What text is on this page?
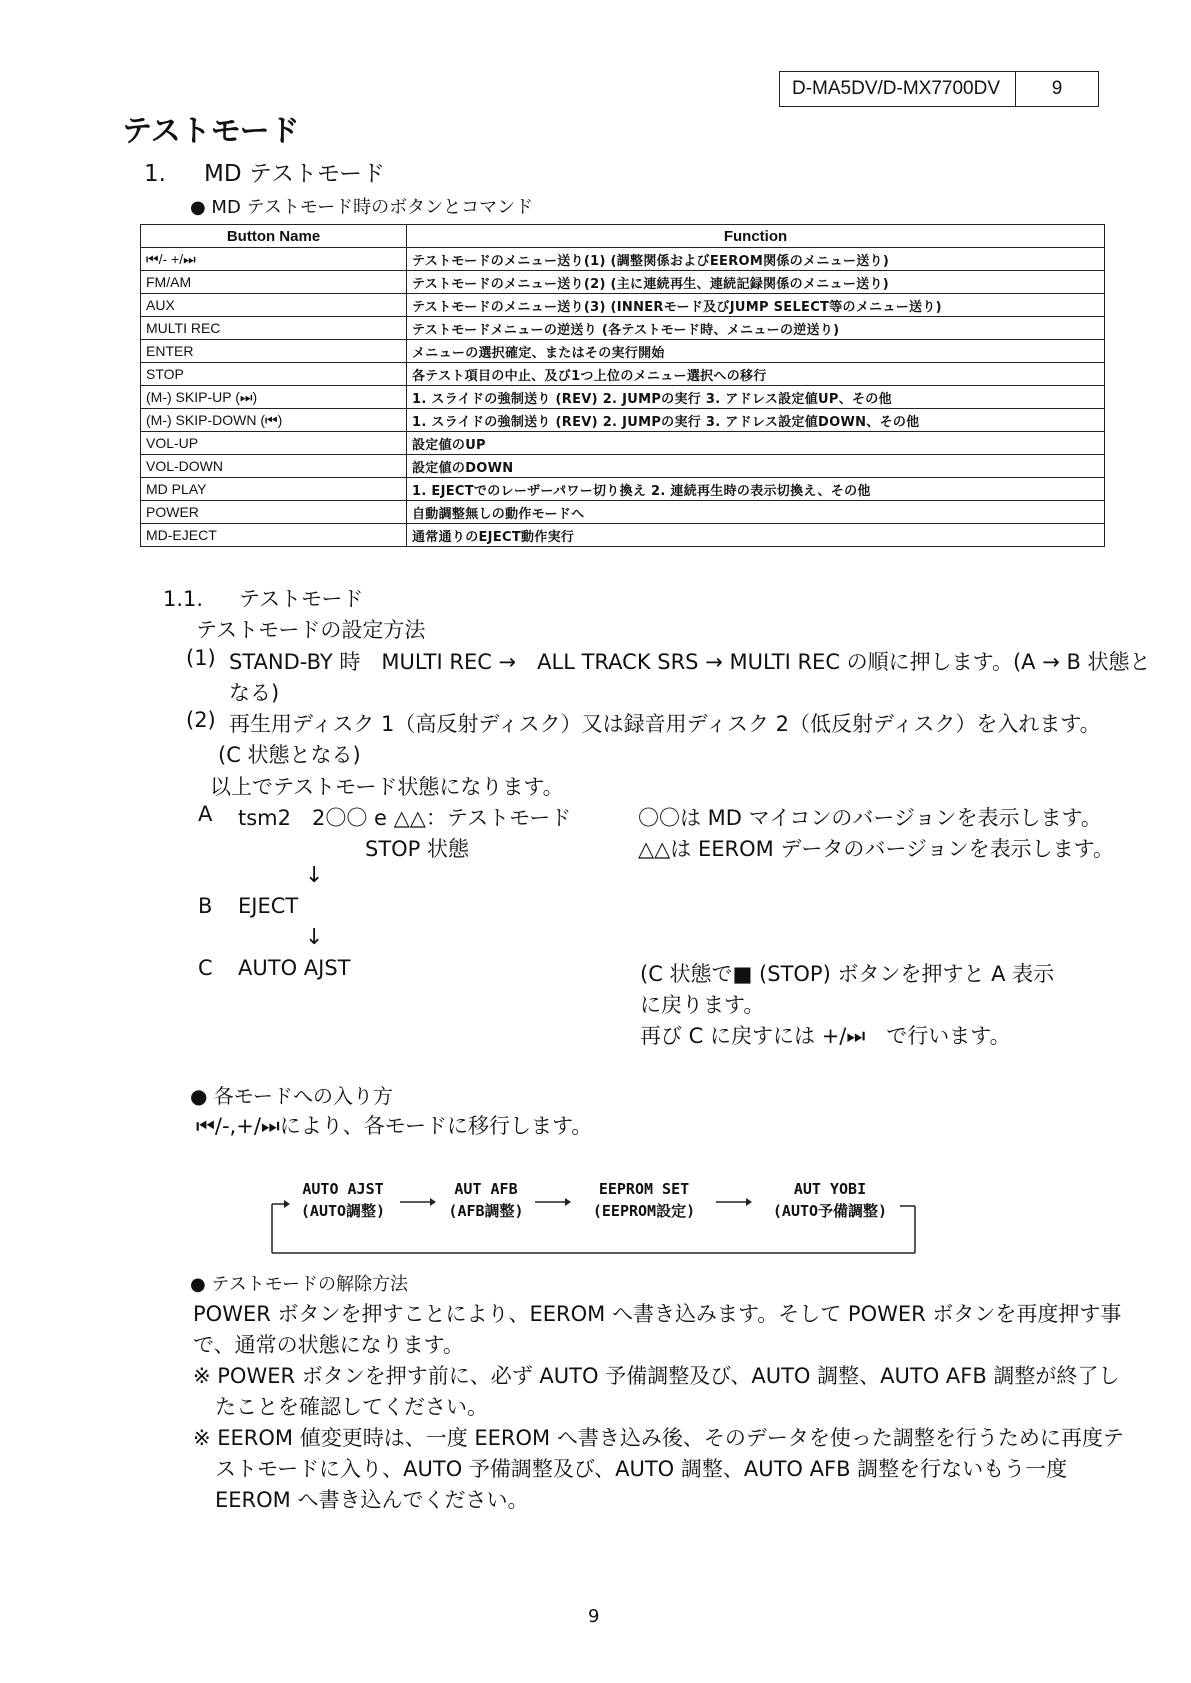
D-MA5DV/D-MX7700DV	9
テストモード
1. MD テストモード
● MD テストモード時のボタンとコマンド
Button Name	Function
⏮/- +/⏭	テストモードのメニュー送り(1) (調整関係およびEEROM関係のメニュー送り)
FM/AM	テストモードのメニュー送り(2) (主に連続再生、連続記録関係のメニュー送り)
AUX	テストモードのメニュー送り(3) (INNERモード及びJUMP SELECT等のメニュー送り)
MULTI REC	テストモードメニューの逆送り (各テストモード時、メニューの逆送り)
ENTER	メニューの選択確定、またはその実行開始
STOP	各テスト項目の中止、及び1つ上位のメニュー選択への移行
(M-) SKIP-UP (⏭)	1. スライドの強制送り (REV) 2. JUMPの実行 3. アドレス設定値UP、その他
(M-) SKIP-DOWN (⏮)	1. スライドの強制送り (REV) 2. JUMPの実行 3. アドレス設定値DOWN、その他
VOL-UP	設定値のUP
VOL-DOWN	設定値のDOWN
MD PLAY	1. EJECTでのレーザーパワー切り換え 2. 連続再生時の表示切換え、その他
POWER	自動調整無しの動作モードへ
MD-EJECT	通常通りのEJECT動作実行
1.1. テストモード
テストモードの設定方法
(1) STAND-BY 時　MULTI REC →　ALL TRACK SRS → MULTI REC の順に押します。(A → B 状態と
なる)
(2) 再生用ディスク 1（高反射ディスク）又は録音用ディスク 2（低反射ディスク）を入れます。
(C 状態となる)
以上でテストモード状態になります。
A tsm2　2〇〇 e △△：テストモード
STOP 状態
〇〇は MD マイコンのバージョンを表示します。
△△は EEROM データのバージョンを表示します。
↓
B EJECT
↓
C AUTO AJST	(C 状態で■ (STOP) ボタンを押すと A 表示
に戻ります。
再び C に戻すには +/⏭　で行います。
● 各モードへの入り方
⏮/-,+/⏭により、各モードに移行します。
AUTO AJST
(AUTO調整)
AUT AFB
(AFB調整)
EEPROM SET
(EEPROM設定)
AUT YOBI
(AUTO予備調整)
● テストモードの解除方法
POWER ボタンを押すことにより、EEROM へ書き込みます。そして POWER ボタンを再度押す事
で、通常の状態になります。
※ POWER ボタンを押す前に、必ず AUTO 予備調整及び、AUTO 調整、AUTO AFB 調整が終了し
たことを確認してください。
※ EEROM 値変更時は、一度 EEROM へ書き込み後、そのデータを使った調整を行うために再度テ
ストモードに入り、AUTO 予備調整及び、AUTO 調整、AUTO AFB 調整を行ないもう一度
EEROM へ書き込んでください。
9
